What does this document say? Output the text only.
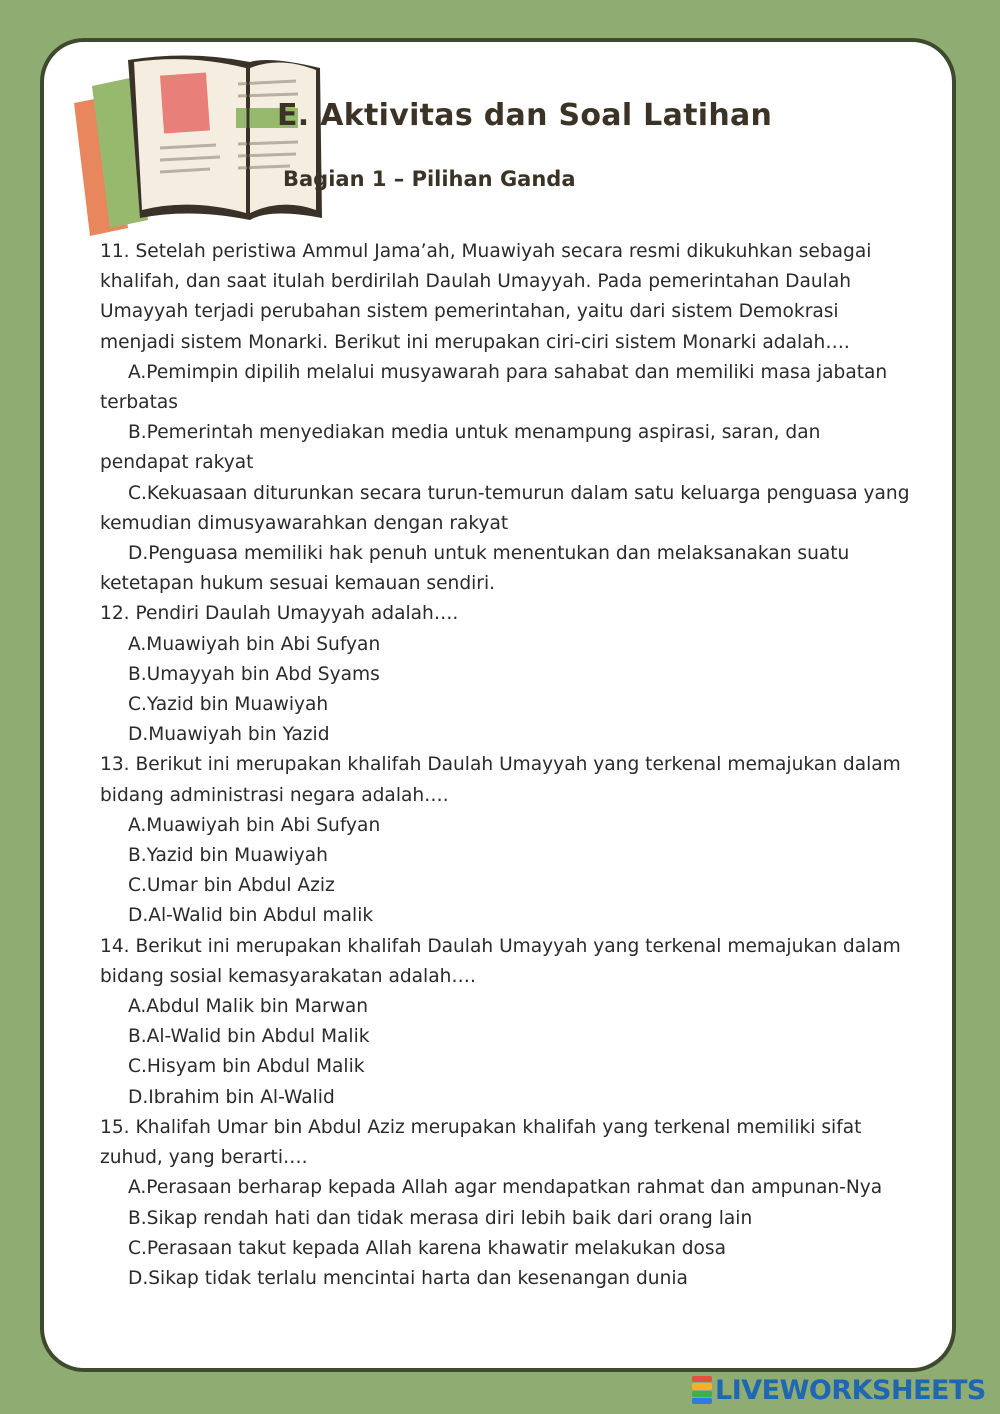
E. Aktivitas dan Soal Latihan
Bagian 1 – Pilihan Ganda

11. Setelah peristiwa Ammul Jama’ah, Muawiyah secara resmi dikukuhkan sebagai khalifah, dan saat itulah berdirilah Daulah Umayyah. Pada pemerintahan Daulah Umayyah terjadi perubahan sistem pemerintahan, yaitu dari sistem Demokrasi menjadi sistem Monarki. Berikut ini merupakan ciri-ciri sistem Monarki adalah….

A.Pemimpin dipilih melalui musyawarah para sahabat dan memiliki masa jabatan terbatas

B.Pemerintah menyediakan media untuk menampung aspirasi, saran, dan pendapat rakyat

C.Kekuasaan diturunkan secara turun-temurun dalam satu keluarga penguasa yang kemudian dimusyawarahkan dengan rakyat

D.Penguasa memiliki hak penuh untuk menentukan dan melaksanakan suatu ketetapan hukum sesuai kemauan sendiri.

12. Pendiri Daulah Umayyah adalah….

A.Muawiyah bin Abi Sufyan

B.Umayyah bin Abd Syams

C.Yazid bin Muawiyah

D.Muawiyah bin Yazid

13. Berikut ini merupakan khalifah Daulah Umayyah yang terkenal memajukan dalam bidang administrasi negara adalah….

A.Muawiyah bin Abi Sufyan

B.Yazid bin Muawiyah

C.Umar bin Abdul Aziz

D.Al-Walid bin Abdul malik

14. Berikut ini merupakan khalifah Daulah Umayyah yang terkenal memajukan dalam bidang sosial kemasyarakatan adalah….

A.Abdul Malik bin Marwan

B.Al-Walid bin Abdul Malik

C.Hisyam bin Abdul Malik

D.Ibrahim bin Al-Walid

15. Khalifah Umar bin Abdul Aziz merupakan khalifah yang terkenal memiliki sifat zuhud, yang berarti….

A.Perasaan berharap kepada Allah agar mendapatkan rahmat dan ampunan-Nya

B.Sikap rendah hati dan tidak merasa diri lebih baik dari orang lain

C.Perasaan takut kepada Allah karena khawatir melakukan dosa

D.Sikap tidak terlalu mencintai harta dan kesenangan dunia

LIVEWORKSHEETS
